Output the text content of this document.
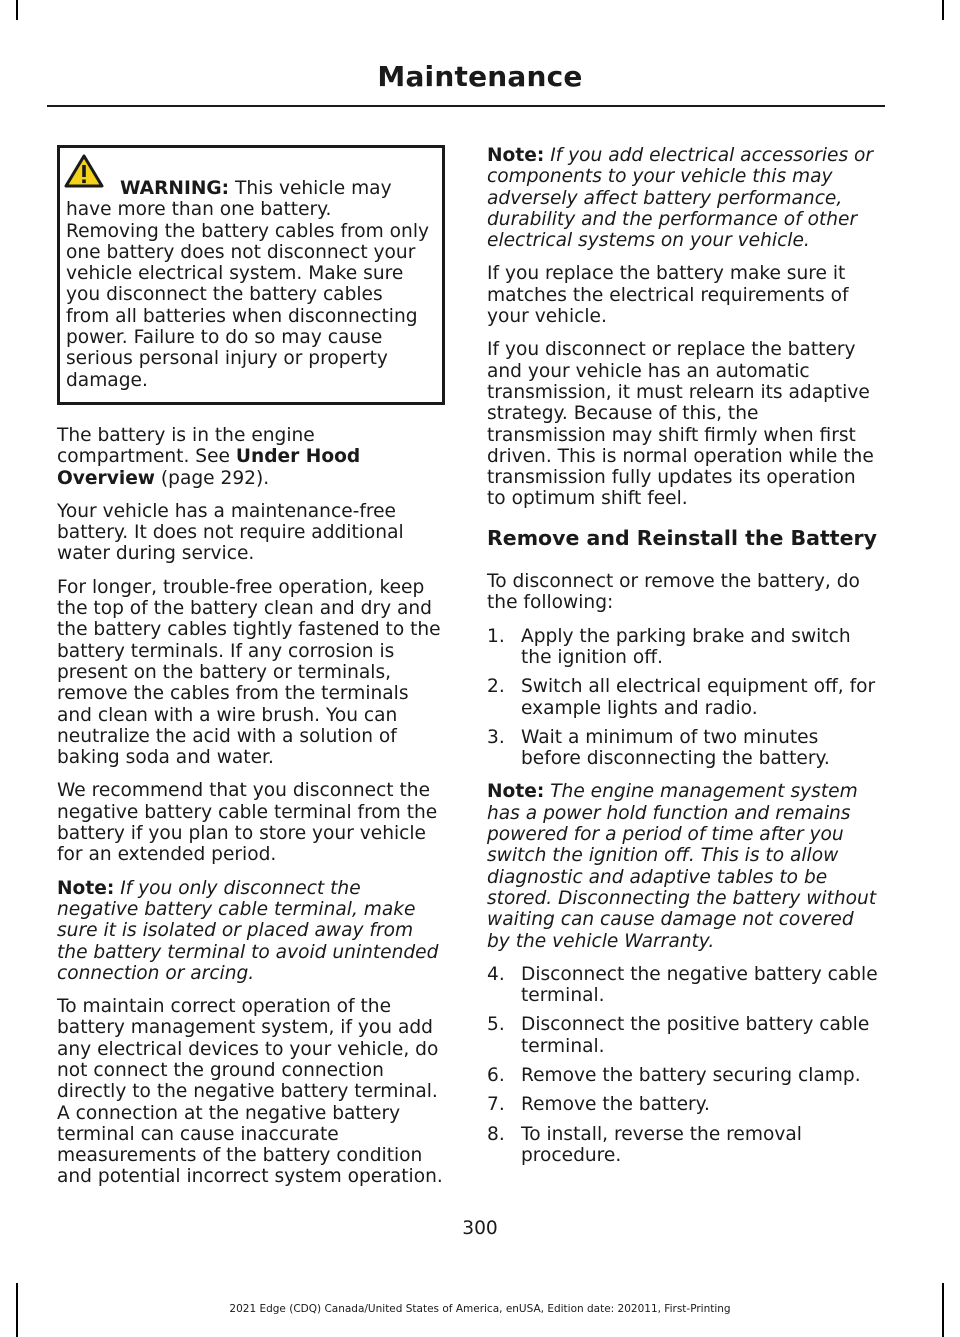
Maintenance
WARNING: This vehicle may have more than one battery. Removing the battery cables from only one battery does not disconnect your vehicle electrical system. Make sure you disconnect the battery cables from all batteries when disconnecting power. Failure to do so may cause serious personal injury or property damage.

The battery is in the engine compartment. See Under Hood Overview (page 292).

Your vehicle has a maintenance-free battery. It does not require additional water during service.

For longer, trouble-free operation, keep the top of the battery clean and dry and the battery cables tightly fastened to the battery terminals. If any corrosion is present on the battery or terminals, remove the cables from the terminals and clean with a wire brush. You can neutralize the acid with a solution of baking soda and water.

We recommend that you disconnect the negative battery cable terminal from the battery if you plan to store your vehicle for an extended period.

Note: If you only disconnect the negative battery cable terminal, make sure it is isolated or placed away from the battery terminal to avoid unintended connection or arcing.

To maintain correct operation of the battery management system, if you add any electrical devices to your vehicle, do not connect the ground connection directly to the negative battery terminal. A connection at the negative battery terminal can cause inaccurate measurements of the battery condition and potential incorrect system operation.

Note: If you add electrical accessories or components to your vehicle this may adversely affect battery performance, durability and the performance of other electrical systems on your vehicle.

If you replace the battery make sure it matches the electrical requirements of your vehicle.

If you disconnect or replace the battery and your vehicle has an automatic transmission, it must relearn its adaptive strategy. Because of this, the transmission may shift firmly when first driven. This is normal operation while the transmission fully updates its operation to optimum shift feel.

Remove and Reinstall the Battery

To disconnect or remove the battery, do the following:

1. Apply the parking brake and switch the ignition off.
2. Switch all electrical equipment off, for example lights and radio.
3. Wait a minimum of two minutes before disconnecting the battery.

Note: The engine management system has a power hold function and remains powered for a period of time after you switch the ignition off. This is to allow diagnostic and adaptive tables to be stored. Disconnecting the battery without waiting can cause damage not covered by the vehicle Warranty.

4. Disconnect the negative battery cable terminal.
5. Disconnect the positive battery cable terminal.
6. Remove the battery securing clamp.
7. Remove the battery.
8. To install, reverse the removal procedure.
300
2021 Edge (CDQ) Canada/United States of America, enUSA, Edition date: 202011, First-Printing
